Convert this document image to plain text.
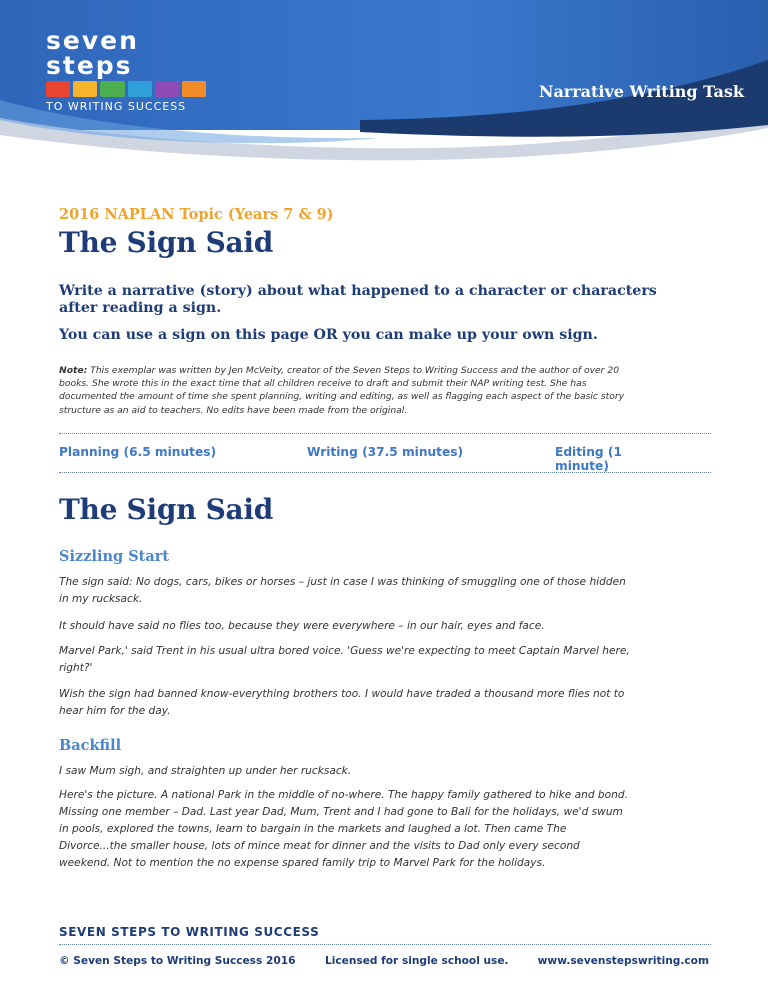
seven steps
TO WRITING SUCCESS
Narrative Writing Task
2016 NAPLAN Topic (Years 7 & 9)
The Sign Said
Write a narrative (story) about what happened to a character or characters after reading a sign.
You can use a sign on this page OR you can make up your own sign.
Note: This exemplar was written by Jen McVeity, creator of the Seven Steps to Writing Success and the author of over 20 books. She wrote this in the exact time that all children receive to draft and submit their NAP writing test. She has documented the amount of time she spent planning, writing and editing, as well as flagging each aspect of the basic story structure as an aid to teachers. No edits have been made from the original.
Planning (6.5 minutes)	Writing (37.5 minutes)	Editing (1 minute)
The Sign Said
Sizzling Start
The sign said: No dogs, cars, bikes or horses – just in case I was thinking of smuggling one of those hidden in my rucksack.
It should have said no flies too, because they were everywhere – in our hair, eyes and face.
Marvel Park,' said Trent in his usual ultra bored voice. 'Guess we're expecting to meet Captain Marvel here, right?'
Wish the sign had banned know-everything brothers too. I would have traded a thousand more flies not to hear him for the day.
Backfill
I saw Mum sigh, and straighten up under her rucksack.
Here's the picture. A national Park in the middle of no-where. The happy family gathered to hike and bond. Missing one member – Dad. Last year Dad, Mum, Trent and I had gone to Bali for the holidays, we'd swum in pools, explored the towns, learn to bargain in the markets and laughed a lot. Then came The Divorce...the smaller house, lots of mince meat for dinner and the visits to Dad only every second weekend. Not to mention the no expense spared family trip to Marvel Park for the holidays.
SEVEN STEPS TO WRITING SUCCESS
© Seven Steps to Writing Success 2016	Licensed for single school use.	www.sevenstepswriting.com
